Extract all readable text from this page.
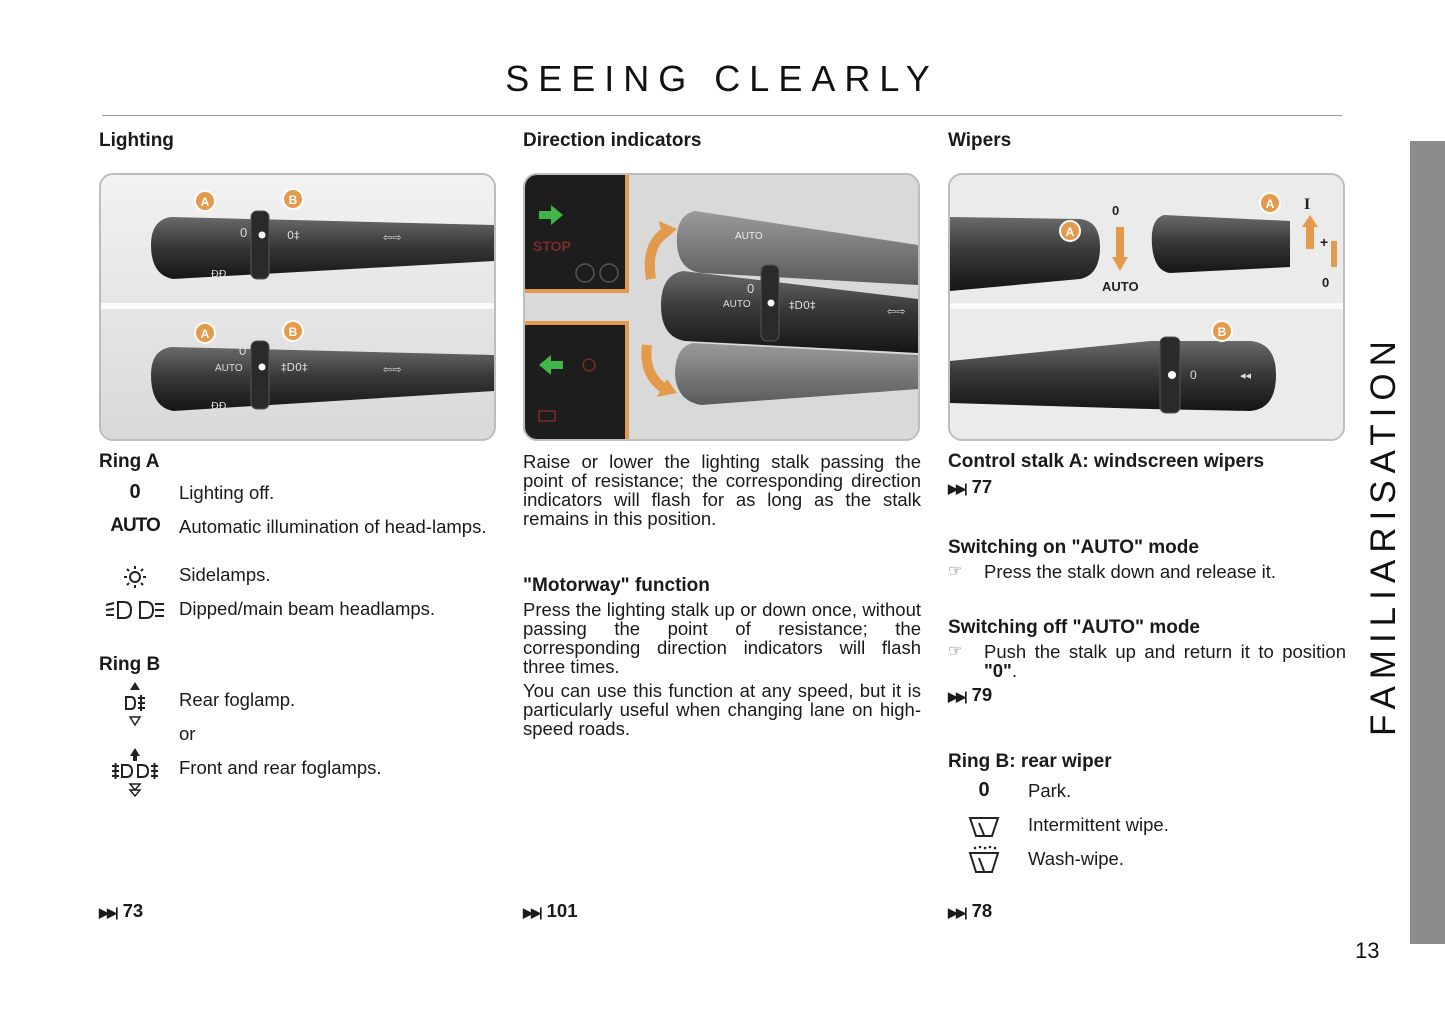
SEEING CLEARLY
FAMILIARISATION
13
Lighting
0	0‡	⇦⇨
ÐÐ
A	B
0
AUTO	‡D0‡	⇦⇨
ÐÐ
A	B
Ring A
0	Lighting off.
AUTO	Automatic illumination of head-lamps.
Sidelamps.
Dipped/main beam headlamps.
Ring B
Rear foglamp.
or
Front and rear foglamps.
▶▶| 73
Direction indicators
STOP
0
AUTO	‡D0‡	⇦⇨
AUTO

Raise or lower the lighting stalk passing the point of resistance; the corresponding direction indicators will flash for as long as the stalk remains in this position.

"Motorway" function

Press the lighting stalk up or down once, without passing the point of resistance; the corresponding direction indicators will flash three times.

You can use this function at any speed, but it is particularly useful when changing lane on high-speed roads.

▶▶| 101
Wipers
A
0
AUTO
A I
+
0
0	◂◂
B
Control stalk A: windscreen wipers
▶▶| 77
Switching on "AUTO" mode
☞ Press the stalk down and release it.
Switching off "AUTO" mode
☞ Push the stalk up and return it to position "0".
▶▶| 79
Ring B: rear wiper
0	Park.
Intermittent wipe.
Wash-wipe.
▶▶| 78
